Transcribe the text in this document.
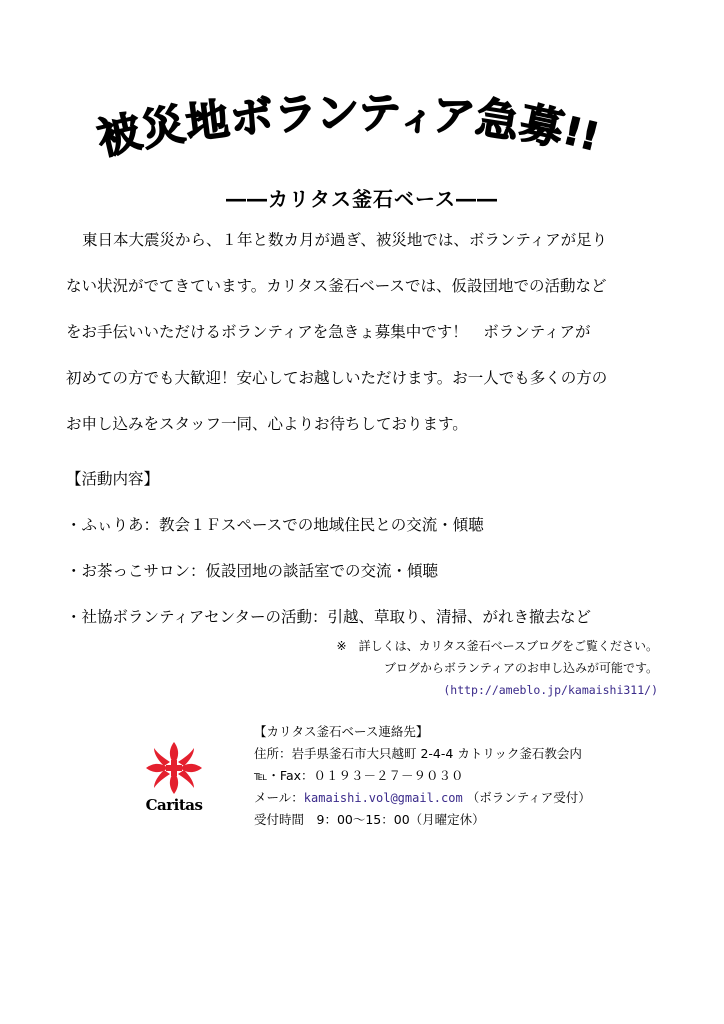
被
災
地
ボ
ラ
ン
テ
ィ
ア
急
募
!!
――カリタス釜石ベース――
東日本大震災から、１年と数カ月が過ぎ、被災地では、ボランティアが足り
ない状況がでてきています。カリタス釜石ベースでは、仮設団地での活動など
をお手伝いいただけるボランティアを急きょ募集中です！　ボランティアが
初めての方でも大歓迎！安心してお越しいただけます。お一人でも多くの方の
お申し込みをスタッフ一同、心よりお待ちしております。
【活動内容】
・ふぃりあ：教会１Ｆスペースでの地域住民との交流・傾聴
・お茶っこサロン：仮設団地の談話室での交流・傾聴
・社協ボランティアセンターの活動：引越、草取り、清掃、がれき撤去など
※　詳しくは、カリタス釜石ベースブログをご覧ください。
ブログからボランティアのお申し込みが可能です。
(http://ameblo.jp/kamaishi311/)
Caritas
【カリタス釜石ベース連絡先】
住所：岩手県釜石市大只越町 2-4-4 カトリック釜石教会内
℡・Fax：０１９３－２７－９０３０
メール：kamaishi.vol@gmail.com （ボランティア受付）
受付時間　9：00～15：00（月曜定休）
